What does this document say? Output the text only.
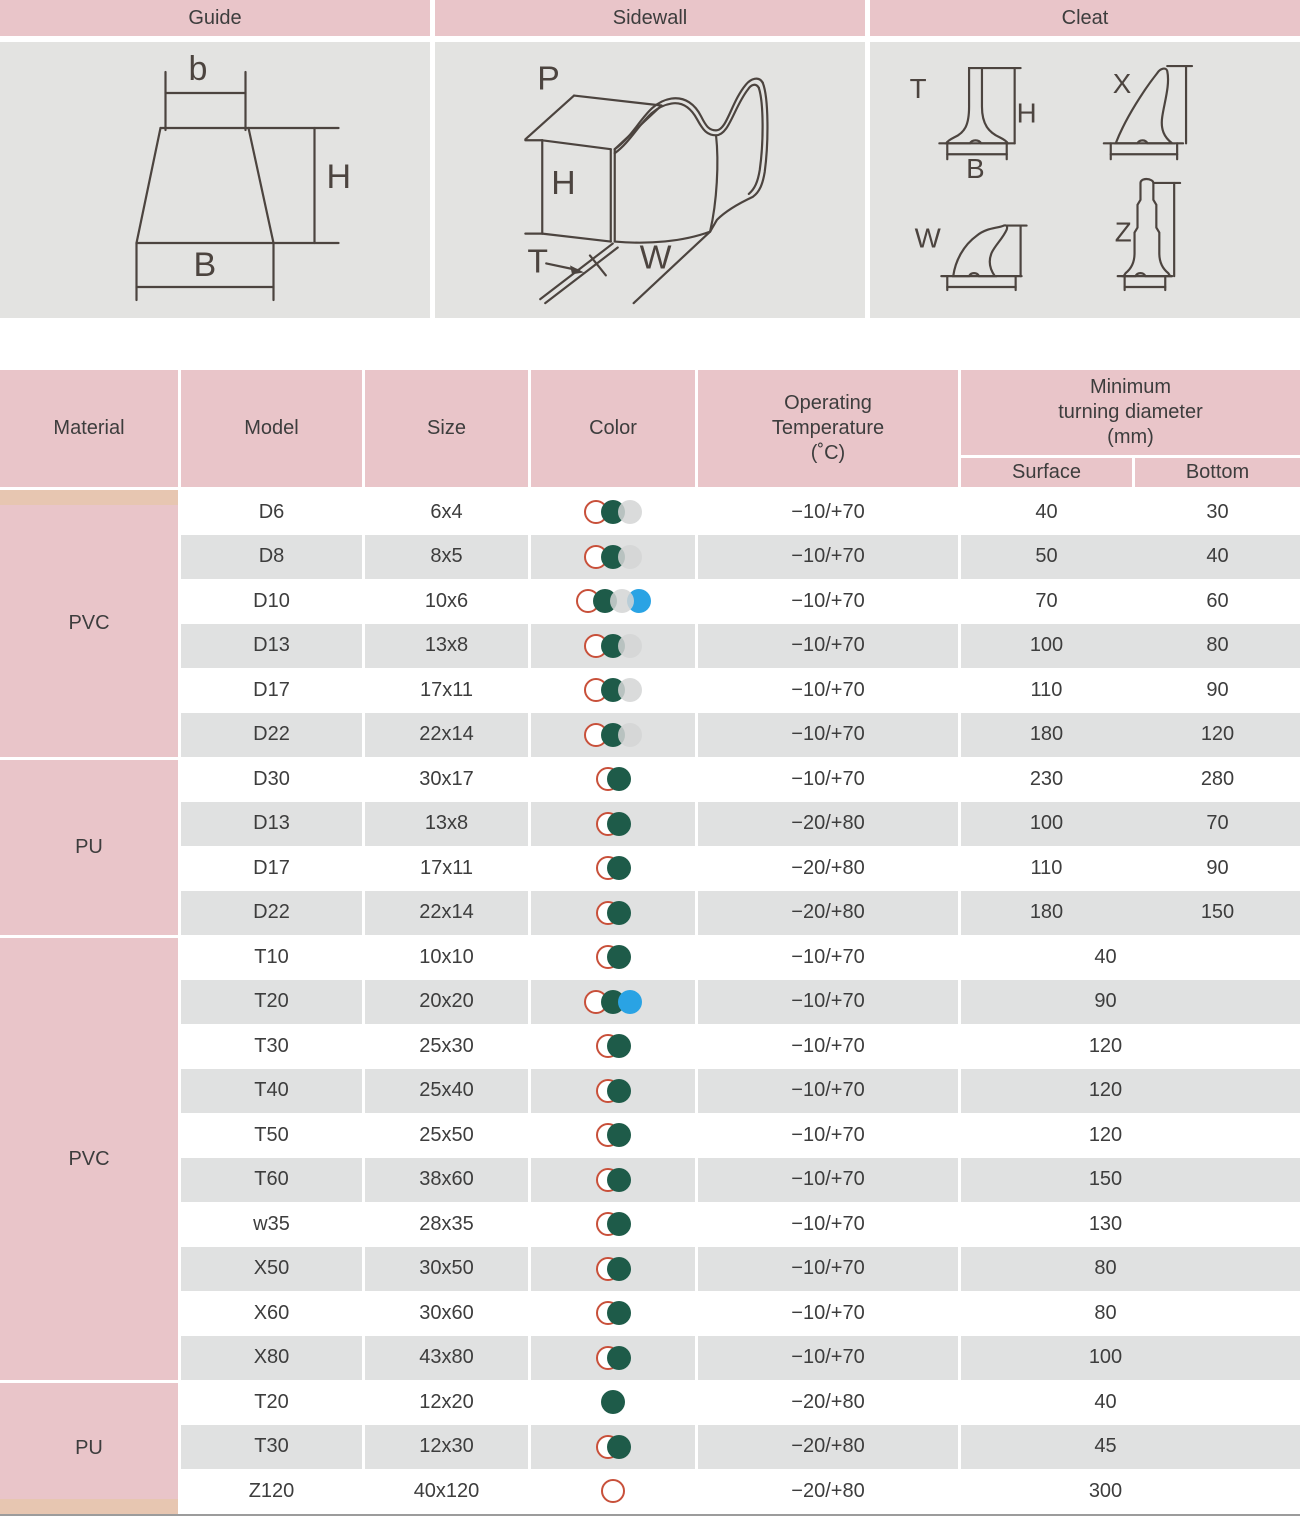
Guide
b
H
B
Sidewall
P
H
T	W
Cleat
T
H
B
X
W	Z
Material	Model	Size	Color	
Operating
Temperature
(˚C)

Minimum
turning diameter
(mm)

					Surface	Bottom
PVC	D6	6x4		−10/+70	40	30
	D8	8x5		−10/+70	50	40
	D10	10x6		−10/+70	70	60
	D13	13x8		−10/+70	100	80
	D17	17x11		−10/+70	110	90
	D22	22x14		−10/+70	180	120
PU	D30	30x17		−10/+70	230	280
	D13	13x8		−20/+80	100	70
	D17	17x11		−20/+80	110	90
	D22	22x14		−20/+80	180	150
PVC	T10	10x10		−10/+70	40	
	T20	20x20		−10/+70	90	
	T30	25x30		−10/+70	120	
	T40	25x40		−10/+70	120	
	T50	25x50		−10/+70	120	
	T60	38x60		−10/+70	150	
	w35	28x35		−10/+70	130	
	X50	30x50		−10/+70	80	
	X60	30x60		−10/+70	80	
	X80	43x80		−10/+70	100	
PU	T20	12x20		−20/+80	40	
	T30	12x30		−20/+80	45	
	Z120	40x120		−20/+80	300	
